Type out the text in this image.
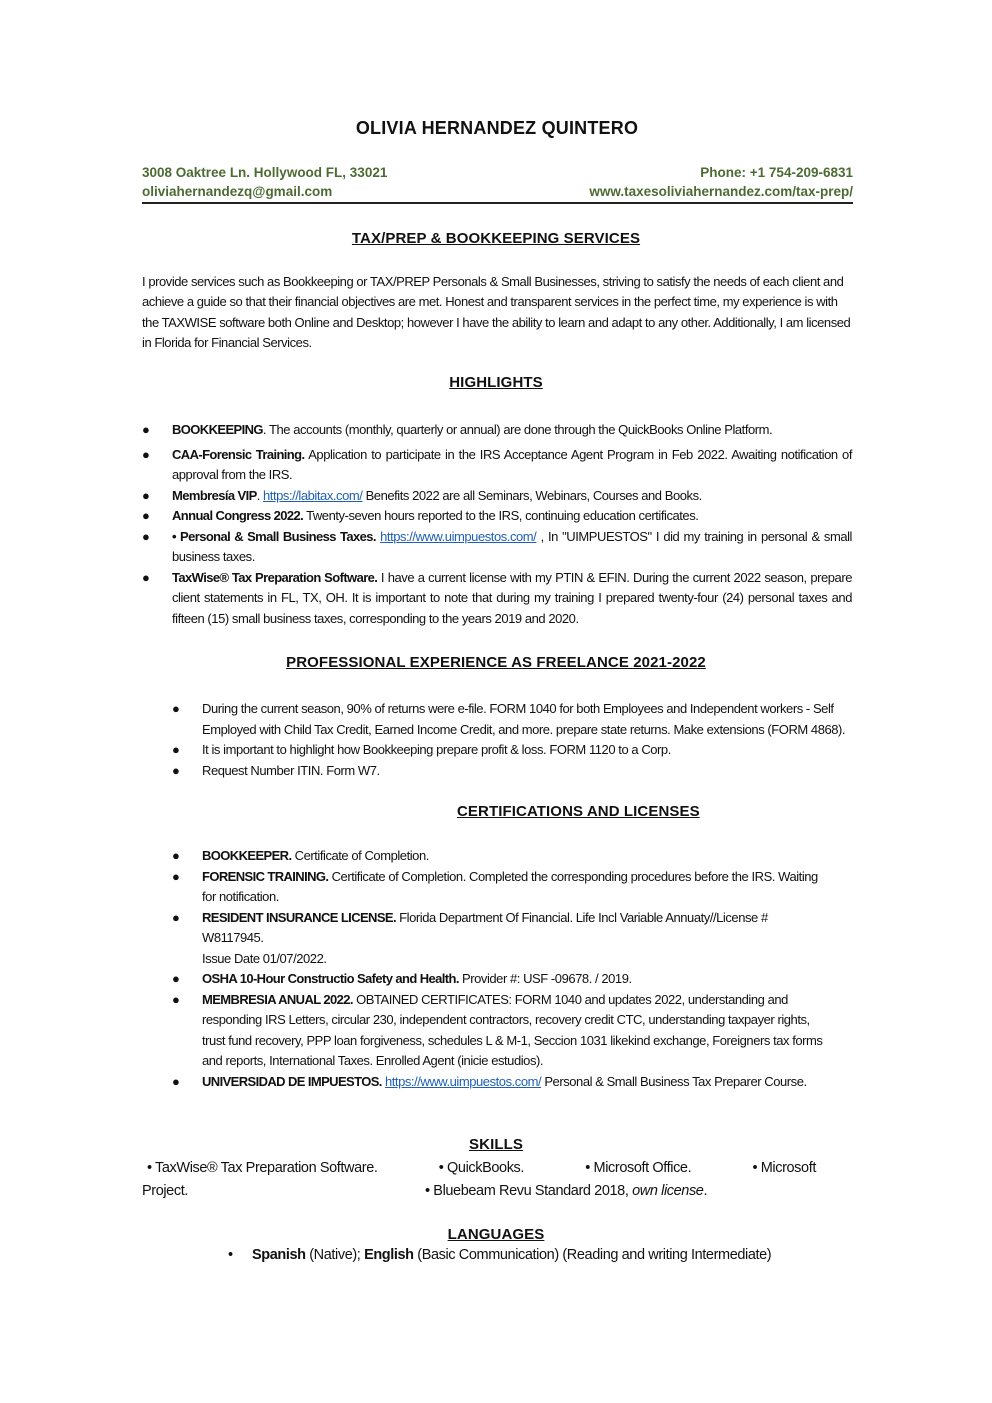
OLIVIA HERNANDEZ QUINTERO
3008 Oaktree Ln. Hollywood FL, 33021	Phone: +1 754-209-6831
oliviahernandezq@gmail.com	www.taxesoliviahernandez.com/tax-prep/
TAX/PREP & BOOKKEEPING SERVICES
I provide services such as Bookkeeping or TAX/PREP Personals & Small Businesses, striving to satisfy the needs of each client and achieve a guide so that their financial objectives are met. Honest and transparent services in the perfect time, my experience is with the TAXWISE software both Online and Desktop; however I have the ability to learn and adapt to any other. Additionally, I am licensed in Florida for Financial Services.
HIGHLIGHTS
● BOOKKEEPING. The accounts (monthly, quarterly or annual) are done through the QuickBooks Online Platform.
● CAA-Forensic Training. Application to participate in the IRS Acceptance Agent Program in Feb 2022. Awaiting notification of approval from the IRS.
● Membresía VIP. https://labitax.com/ Benefits 2022 are all Seminars, Webinars, Courses and Books.
● Annual Congress 2022. Twenty-seven hours reported to the IRS, continuing education certificates.
● • Personal & Small Business Taxes. https://www.uimpuestos.com/ , In "UIMPUESTOS" I did my training in personal & small business taxes.
● TaxWise® Tax Preparation Software. I have a current license with my PTIN & EFIN. During the current 2022 season, prepare client statements in FL, TX, OH. It is important to note that during my training I prepared twenty-four (24) personal taxes and fifteen (15) small business taxes, corresponding to the years 2019 and 2020.
PROFESSIONAL EXPERIENCE AS FREELANCE 2021-2022
● During the current season, 90% of returns were e-file. FORM 1040 for both Employees and Independent workers - Self Employed with Child Tax Credit, Earned Income Credit, and more. prepare state returns. Make extensions (FORM 4868).
● It is important to highlight how Bookkeeping prepare profit & loss. FORM 1120 to a Corp.
● Request Number ITIN. Form W7.
CERTIFICATIONS AND LICENSES
● BOOKKEEPER. Certificate of Completion.
● FORENSIC TRAINING. Certificate of Completion. Completed the corresponding procedures before the IRS. Waiting for notification.
● RESIDENT INSURANCE LICENSE. Florida Department Of Financial. Life Incl Variable Annuaty//License # W8117945.
Issue Date 01/07/2022.
● OSHA 10-Hour Constructio Safety and Health. Provider #: USF -09678. / 2019.
● MEMBRESIA ANUAL 2022. OBTAINED CERTIFICATES: FORM 1040 and updates 2022, understanding and responding IRS Letters, circular 230, independent contractors, recovery credit CTC, understanding taxpayer rights, trust fund recovery, PPP loan forgiveness, schedules L & M-1, Seccion 1031 likekind exchange, Foreigners tax forms and reports, International Taxes. Enrolled Agent (inicie estudios).
● UNIVERSIDAD DE IMPUESTOS. https://www.uimpuestos.com/ Personal & Small Business Tax Preparer Course.
SKILLS
• TaxWise® Tax Preparation Software.	• QuickBooks.	• Microsoft Office.	• Microsoft
Project.	• Bluebeam Revu Standard 2018, own license.
LANGUAGES
• Spanish (Native); English (Basic Communication) (Reading and writing Intermediate)
